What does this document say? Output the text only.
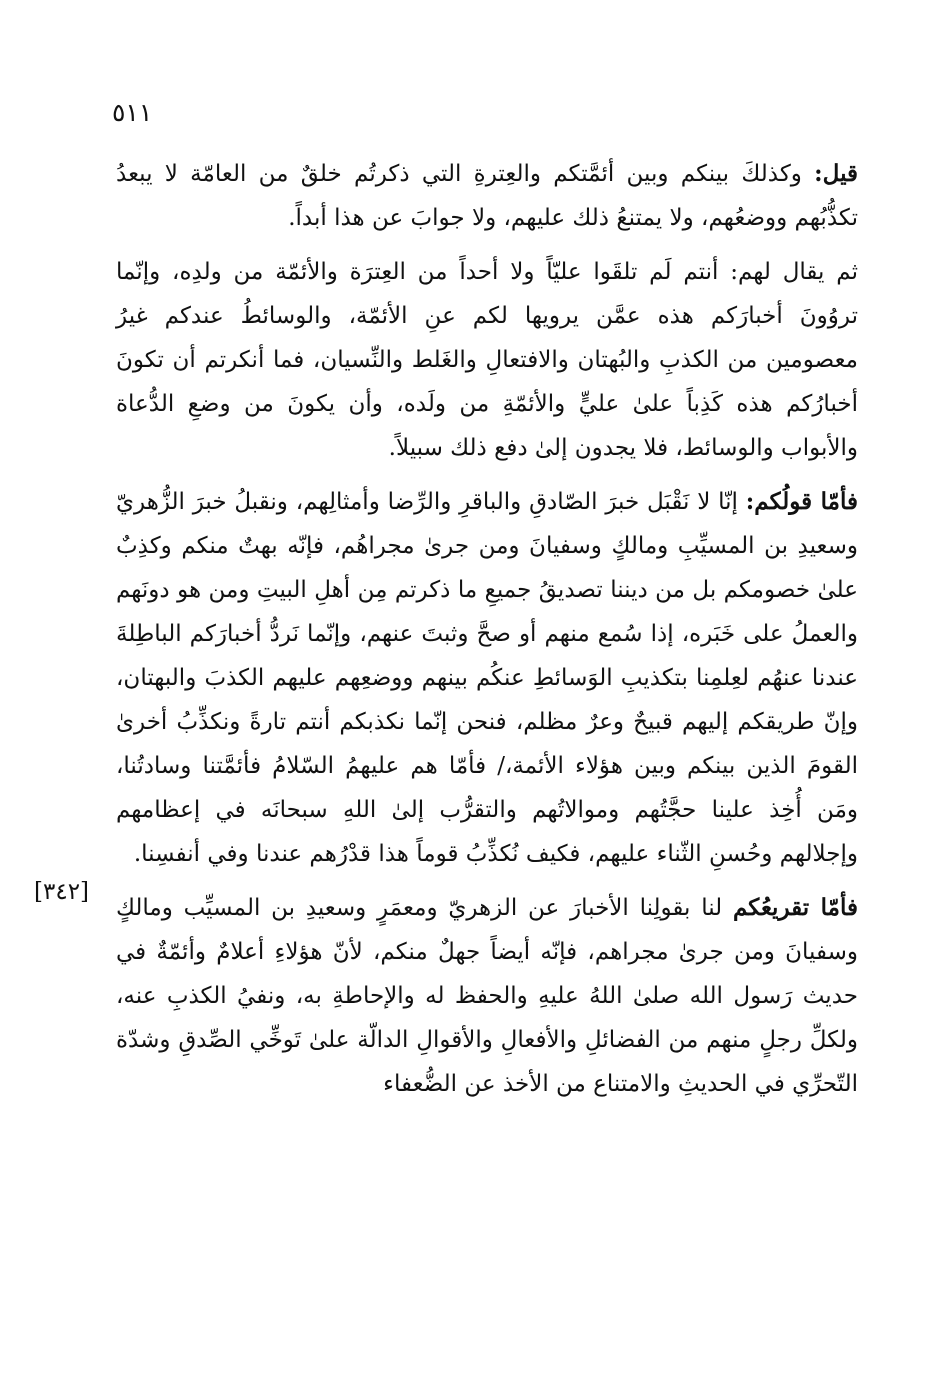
٥١١
[٣٤٢]

قيل: وكذلكَ بينكم وبين أئمَّتكم والعِترةِ التي ذكرتُم خلقٌ من العامّة لا يبعدُ تكذُّبُهم ووضعُهم، ولا يمتنعُ ذلك عليهم، ولا جوابَ عن هذا أبداً.

ثم يقال لهم: أنتم لَم تلقَوا عليّاً ولا أحداً من العِترَة والأئمّة من ولدِه، وإنّما تروُونَ أخبارَكم هذه عمَّن يرويها لكم عنِ الأئمّة، والوسائطُ عندكم غيرُ معصومين من الكذبِ والبُهتان والافتعالِ والغَلط والنِّسيان، فما أنكرتم أن تكونَ أخبارُكم هذه كَذِباً علىٰ عليٍّ والأئمّةِ من ولَده، وأن يكونَ من وضعِ الدُّعاة والأبواب والوسائط، فلا يجدون إلىٰ دفع ذلك سبيلاً.

فأمّا قولُكم: إنّا لا نَقْبَل خبرَ الصّادقِ والباقرِ والرِّضا وأمثالِهم، ونقبلُ خبرَ الزُّهريّ وسعيدِ بن المسيِّبِ ومالكٍ وسفيانَ ومن جرىٰ مجراهُم، فإنّه بهتٌ منكم وكذِبٌ علىٰ خصومكم بل من ديننا تصديقُ جميعِ ما ذكرتم مِن أهلِ البيتِ ومن هو دونَهم والعملُ على خَبَره، إذا سُمع منهم أو صحَّ وثبتَ عنهم، وإنّما نَردُّ أخبارَكم الباطِلةَ عندنا عنهُم لعِلمِنا بتكذيبِ الوَسائطِ عنكُم بينهم ووضعِهم عليهم الكذبَ والبهتان، وإنّ طريقكم إليهم قبيحٌ وعرٌ مظلم، فنحن إنّما نكذبكم أنتم تارةً ونكذِّبُ أخرىٰ القومَ الذين بينكم وبين هؤلاء الأئمة،/ فأمّا هم عليهمُ السّلامُ فأئمَّتنا وسادتُنا، ومَن أُخِذ علينا حجَّتُهم وموالاتُهم والتقرُّب إلىٰ اللهِ سبحانَه في إعظامهم وإجلالهم وحُسنِ الثّناء عليهم، فكيف نُكذِّبُ قوماً هذا قدْرُهم عندنا وفي أنفسِنا.

فأمّا تقريعُكم لنا بقولِنا الأخبارَ عن الزهريّ ومعمَرٍ وسعيدِ بن المسيِّب ومالكٍ وسفيانَ ومن جرىٰ مجراهم، فإنّه أيضاً جهلٌ منكم، لأنّ هؤلاءِ أعلامٌ وأئمّةٌ في حديث رَسول الله صلىٰ اللهُ عليهِ والحفظ له والإحاطةِ به، ونفيُ الكذبِ عنه، ولكلِّ رجلٍ منهم من الفضائلِ والأفعالِ والأقوالِ الدالّة علىٰ تَوخِّي الصِّدقِ وشدّة التّحرِّي في الحديثِ والامتناع من الأخذ عن الضُّعفاء
